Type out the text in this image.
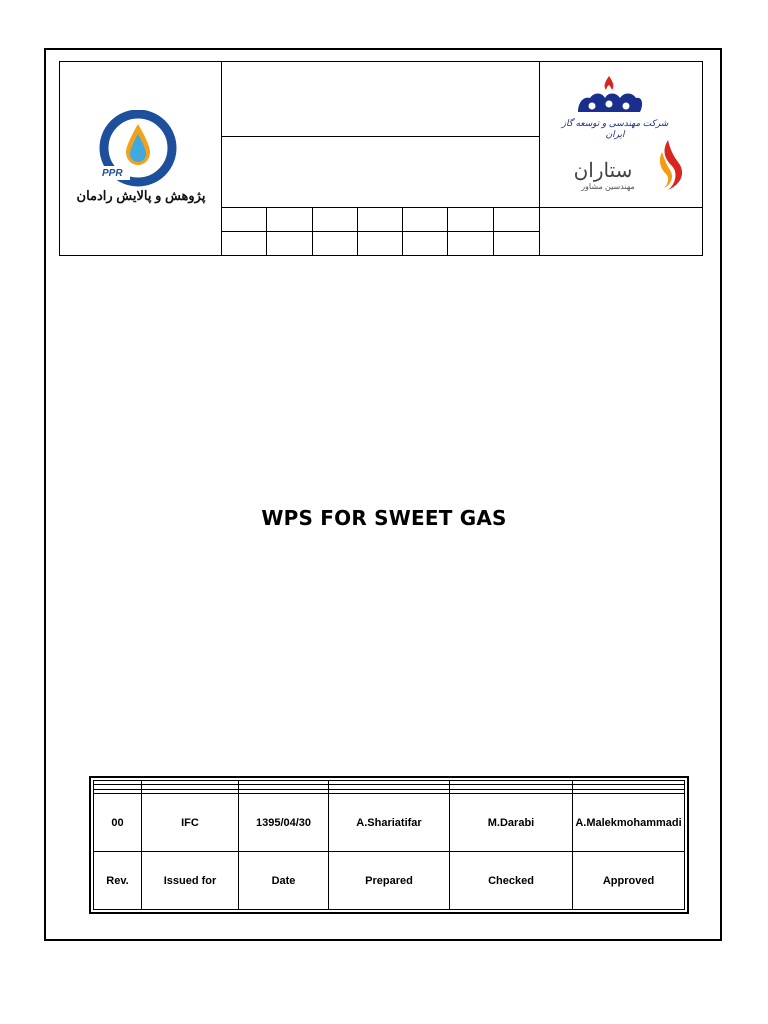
PPR
پژوهش و پالایش رادمان
شرکت مهندسی و توسعه گاز ایران
ستاران
مهندسین مشاور
WPS FOR SWEET GAS

00	IFC	1395/04/30	A.Shariatifar	M.Darabi	A.Malekmohammadi
Rev.	Issued for	Date	Prepared	Checked	Approved
